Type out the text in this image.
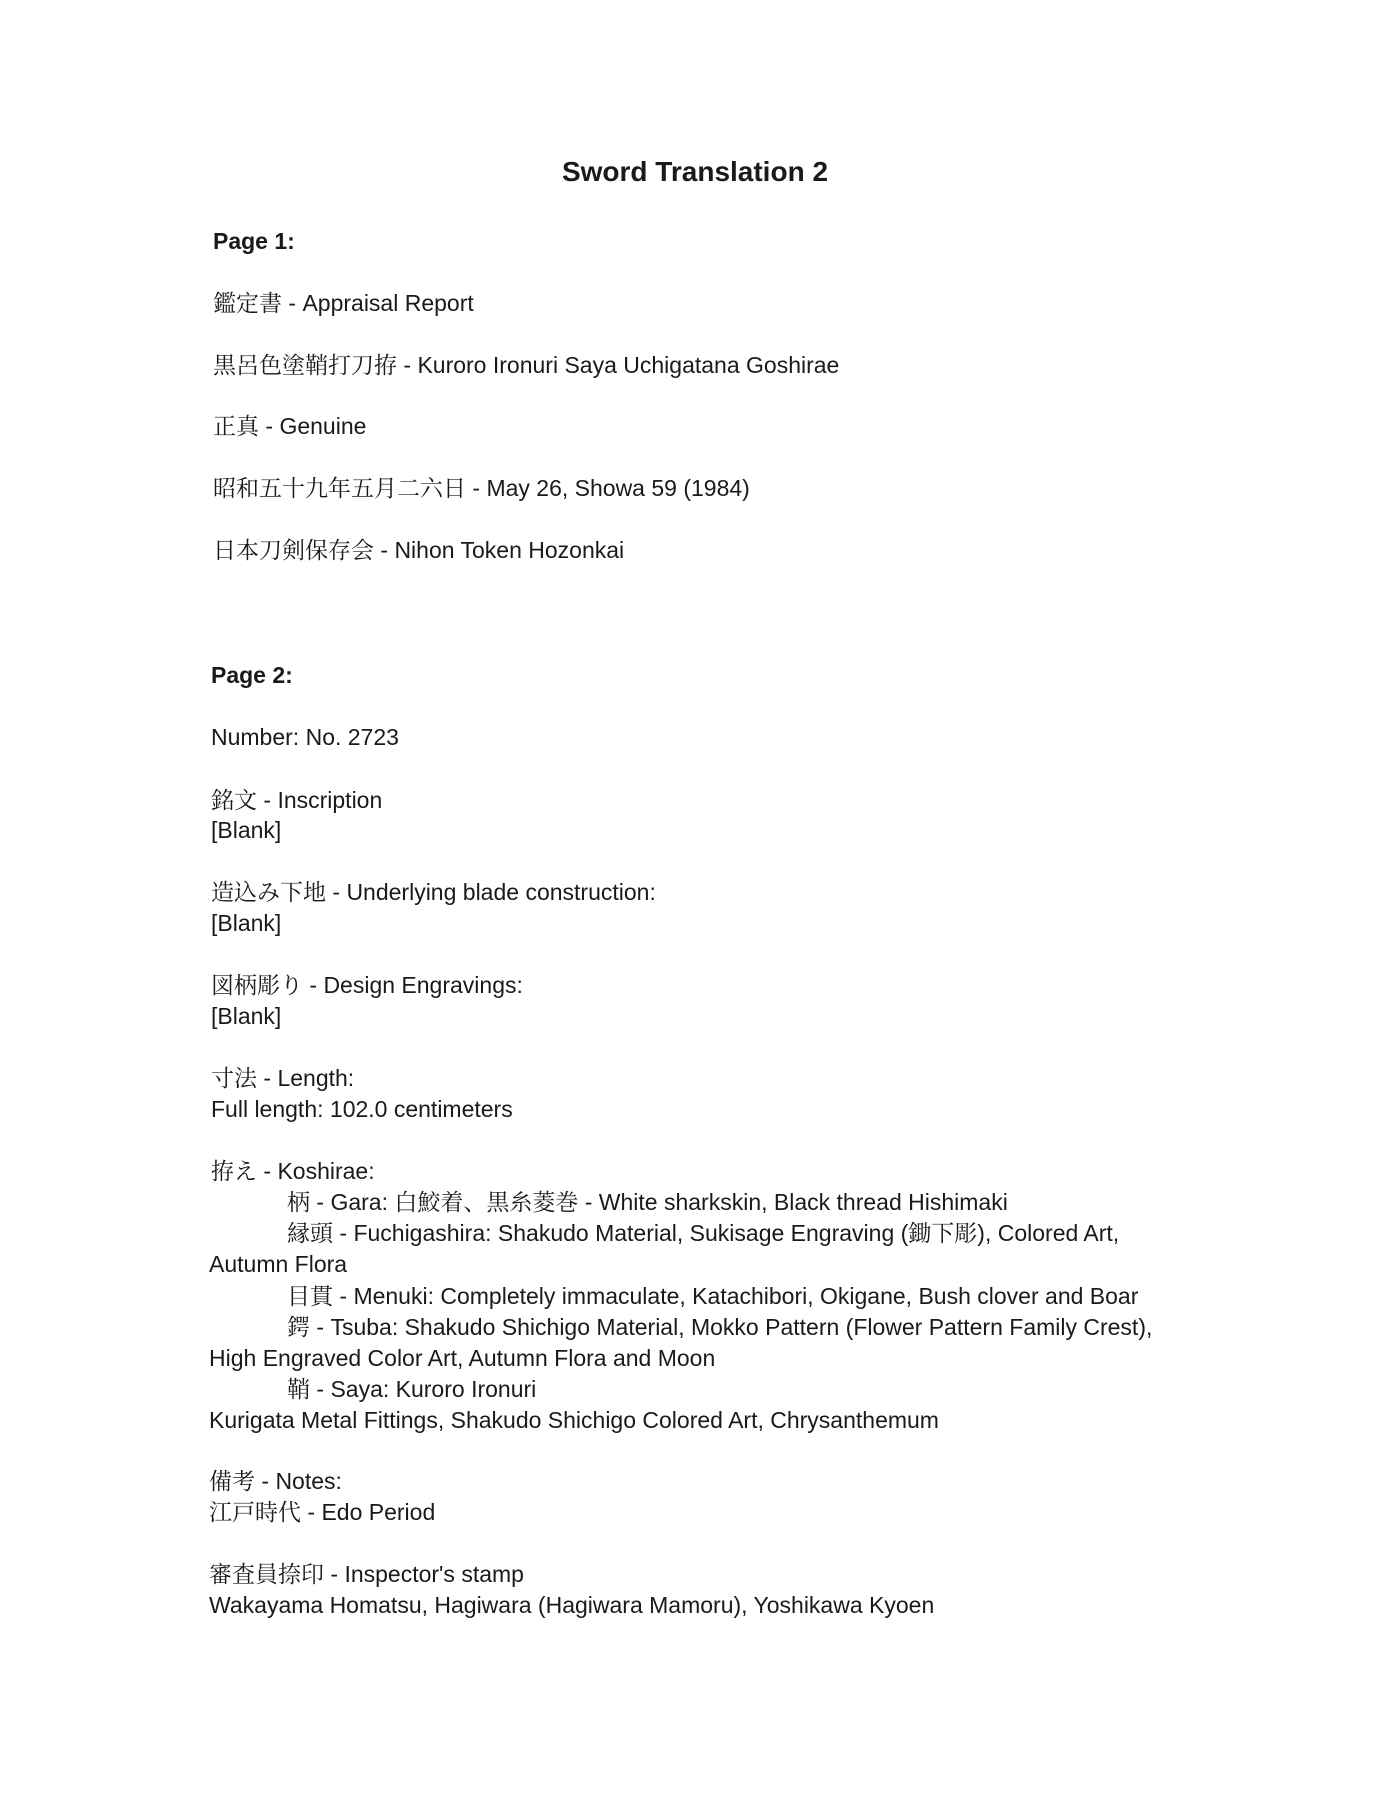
Sword Translation 2
Page 1:
鑑定書 - Appraisal Report
黒呂色塗鞘打刀拵 - Kuroro Ironuri Saya Uchigatana Goshirae
正真 - Genuine
昭和五十九年五月二六日 - May 26, Showa 59 (1984)
日本刀剣保存会 - Nihon Token Hozonkai
Page 2:
Number: No. 2723
銘文 - Inscription
[Blank]
造込み下地 - Underlying blade construction:
[Blank]
図柄彫り - Design Engravings:
[Blank]
寸法 - Length:
Full length: 102.0 centimeters
拵え - Koshirae:
柄 - Gara: 白鮫着、黒糸菱巻 - White sharkskin, Black thread Hishimaki
縁頭 - Fuchigashira: Shakudo Material, Sukisage Engraving (鋤下彫), Colored Art,
Autumn Flora
目貫 - Menuki: Completely immaculate, Katachibori, Okigane, Bush clover and Boar
鍔 - Tsuba: Shakudo Shichigo Material, Mokko Pattern (Flower Pattern Family Crest),
High Engraved Color Art, Autumn Flora and Moon
鞘 - Saya: Kuroro Ironuri
Kurigata Metal Fittings, Shakudo Shichigo Colored Art, Chrysanthemum
備考 - Notes:
江戸時代 - Edo Period
審査員捺印 - Inspector's stamp
Wakayama Homatsu, Hagiwara (Hagiwara Mamoru), Yoshikawa Kyoen
